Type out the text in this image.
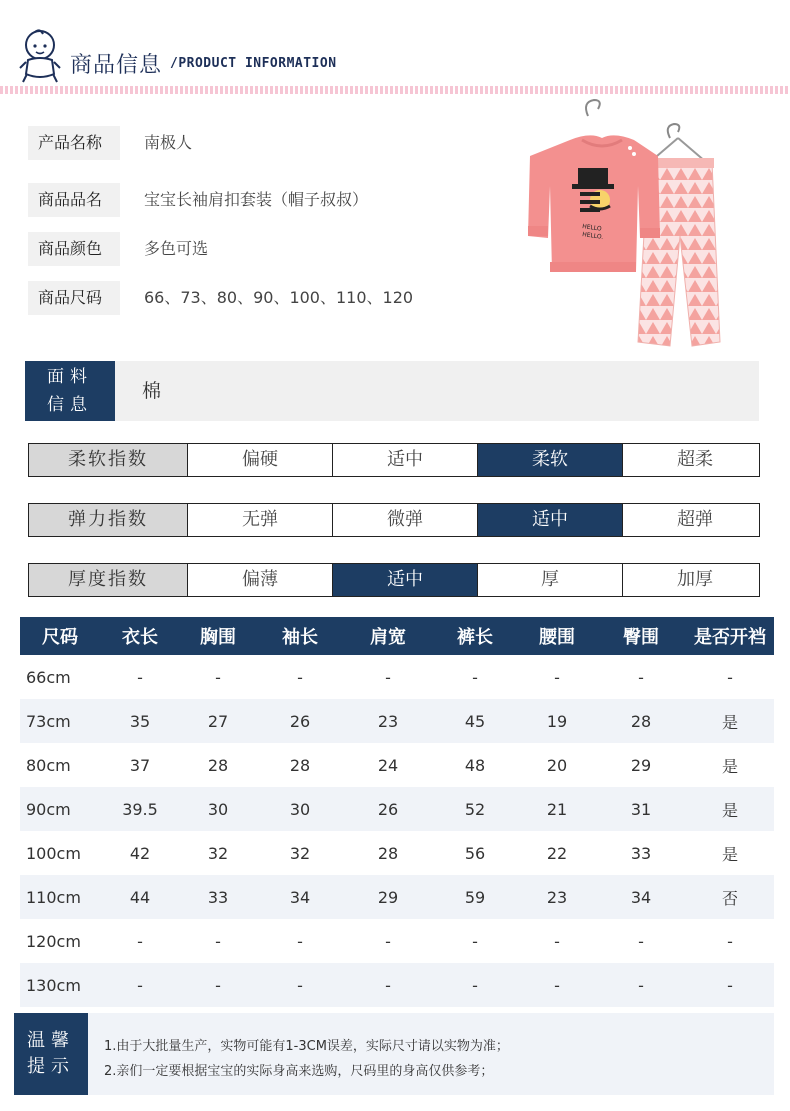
商品信息 /PRODUCT INFORMATION
产品名称	南极人
商品品名	宝宝长袖肩扣套装（帽子叔叔）
商品颜色	多色可选
商品尺码	66、73、80、90、100、110、120
HELLO
HELLO.
面料
信息
棉
柔软指数	偏硬	适中	柔软	超柔
弹力指数	无弹	微弹	适中	超弹
厚度指数	偏薄	适中	厚	加厚
尺码	衣长	胸围	袖长	肩宽	裤长	腰围	臀围	是否开裆
66cm	-	-	-	-	-	-	-	-
73cm	35	27	26	23	45	19	28	是
80cm	37	28	28	24	48	20	29	是
90cm	39.5	30	30	26	52	21	31	是
100cm	42	32	32	28	56	22	33	是
110cm	44	33	34	29	59	23	34	否
120cm	-	-	-	-	-	-	-	-
130cm	-	-	-	-	-	-	-	-
温馨
提示
1.由于大批量生产，实物可能有1-3CM误差，实际尺寸请以实物为准；
2.亲们一定要根据宝宝的实际身高来选购，尺码里的身高仅供参考；
